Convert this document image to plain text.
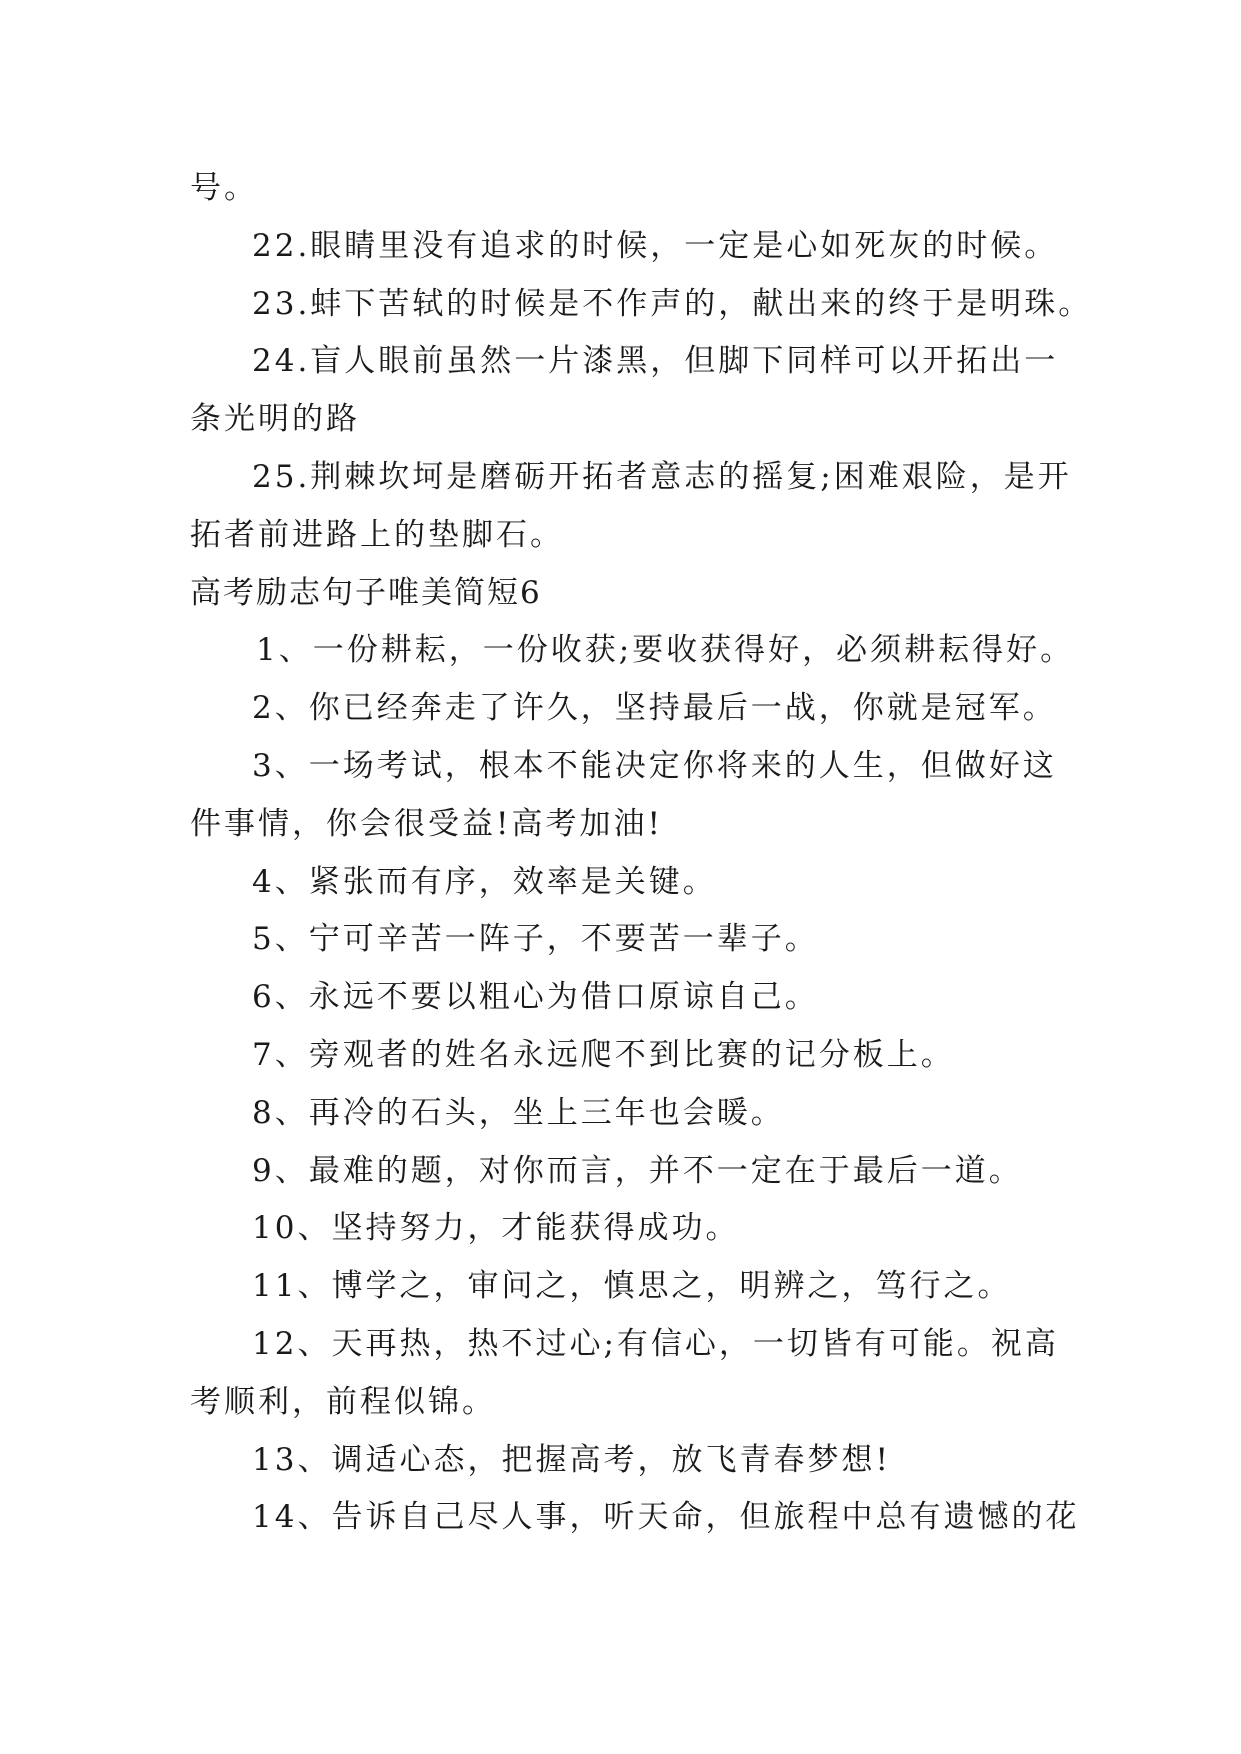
号。
22.眼睛里没有追求的时候，一定是心如死灰的时候。
23.蚌下苦轼的时候是不作声的，献出来的终于是明珠。
24.盲人眼前虽然一片漆黑，但脚下同样可以开拓出一
条光明的路
25.荆棘坎坷是磨砺开拓者意志的摇复;困难艰险，是开
拓者前进路上的垫脚石。
高考励志句子唯美简短6
1、一份耕耘，一份收获;要收获得好，必须耕耘得好。
2、你已经奔走了许久，坚持最后一战，你就是冠军。
3、一场考试，根本不能决定你将来的人生，但做好这
件事情，你会很受益!高考加油!
4、紧张而有序，效率是关键。
5、宁可辛苦一阵子，不要苦一辈子。
6、永远不要以粗心为借口原谅自己。
7、旁观者的姓名永远爬不到比赛的记分板上。
8、再冷的石头，坐上三年也会暖。
9、最难的题，对你而言，并不一定在于最后一道。
10、坚持努力，才能获得成功。
11、博学之，审问之，慎思之，明辨之，笃行之。
12、天再热，热不过心;有信心，一切皆有可能。祝高
考顺利，前程似锦。
13、调适心态，把握高考，放飞青春梦想!
14、告诉自己尽人事，听天命，但旅程中总有遗憾的花
